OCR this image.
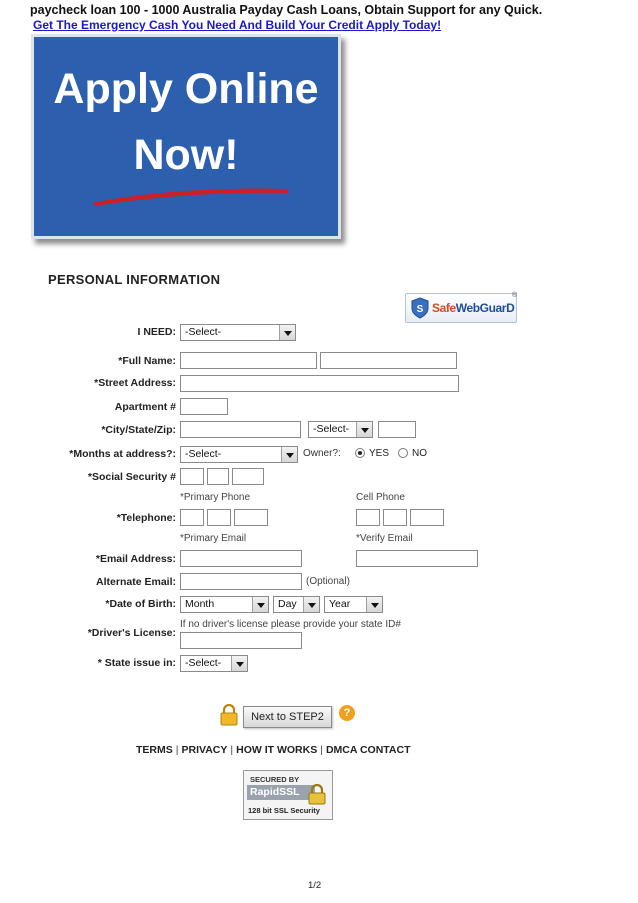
paycheck loan 100 - 1000 Australia Payday Cash Loans, Obtain Support for any Quick.
Get The Emergency Cash You Need And Build Your Credit Apply Today!
Apply Online
Now!
PERSONAL INFORMATION
S SafeWebGuarD
®
I NEED: -Select-
*Full Name:
*Street Address:
Apartment #
*City/State/Zip:	-Select-
*Months at address?: -Select-	Owner?:	YES NO
*Social Security #
*Primary Phone	Cell Phone
*Telephone:
*Primary Email	*Verify Email
*Email Address:
Alternate Email:	(Optional)
*Date of Birth: Month	Day	Year
If no driver's license please provide your state ID#
*Driver's License:
* State issue in: -Select-
Next to STEP2	?
TERMS | PRIVACY | HOW IT WORKS | DMCA CONTACT
SECURED BY
RapidSSL
128 bit SSL Security
1/2
